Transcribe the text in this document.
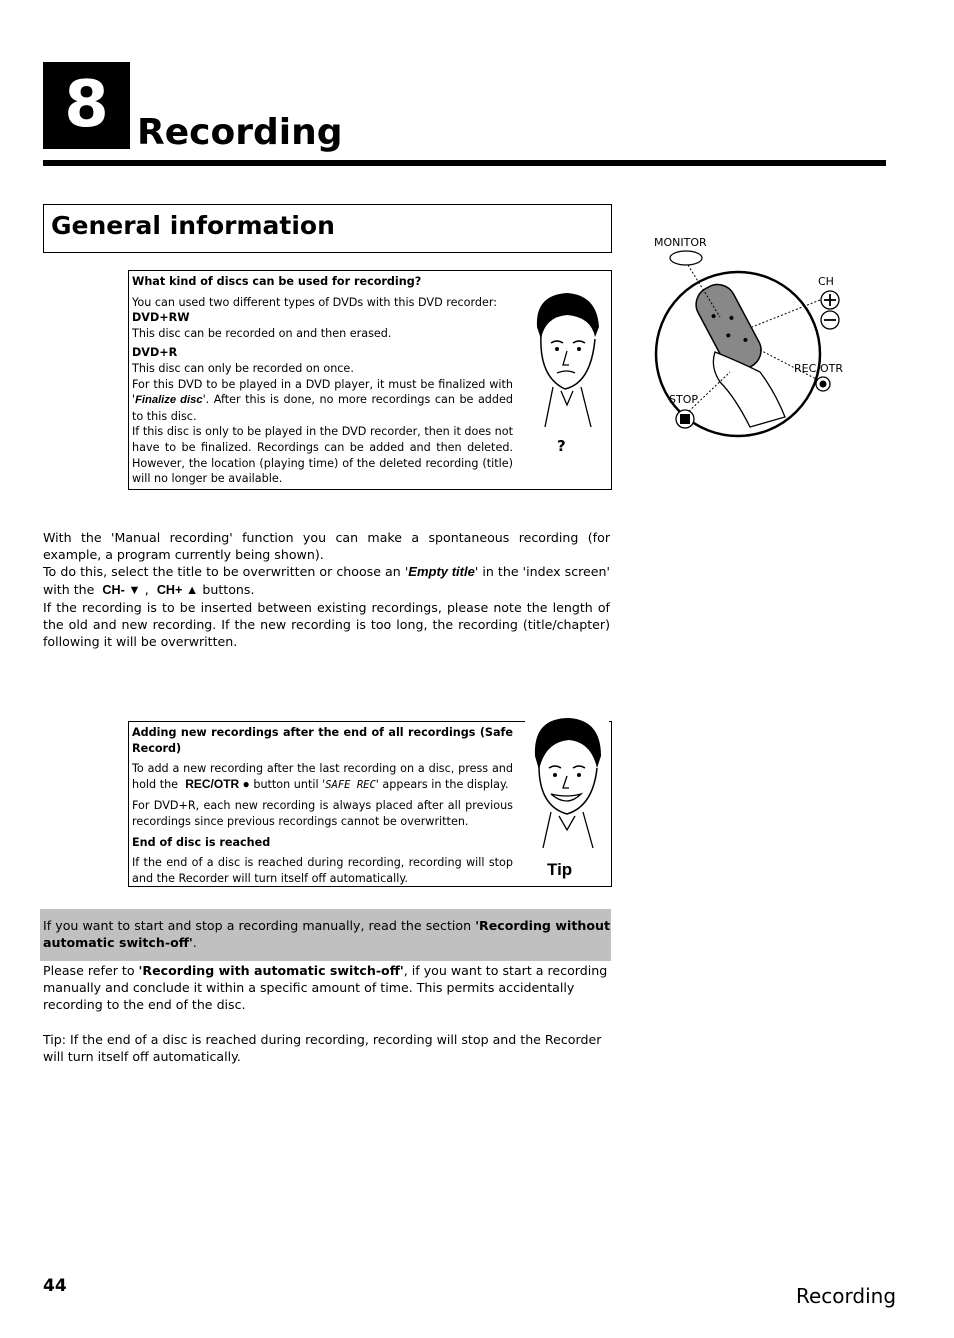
8 Recording
General information
MONITOR
CH
REC/OTR
STOP

What kind of discs can be used for recording?

You can used two different types of DVDs with this DVD recorder:

DVD+RW

This disc can be recorded on and then erased.

DVD+R

This disc can only be recorded on once.

For this DVD to be played in a DVD player, it must be finalized with 'Finalize disc'. After this is done, no more recordings can be added to this disc.

If this disc is only to be played in the DVD recorder, then it does not have to be finalized. Recordings can be added and then deleted. However, the location (playing time) of the deleted recording (title) will no longer be available.

?

With the 'Manual recording' function you can make a spontaneous recording (for example, a program currently being shown).

To do this, select the title to be overwritten or choose an 'Empty title' in the 'index screen' with the CH- ▼ , CH+ ▲ buttons.

If the recording is to be inserted between existing recordings, please note the length of the old and new recording. If the new recording is too long, the recording (title/chapter) following it will be overwritten.

Adding new recordings after the end of all recordings (Safe Record)

To add a new recording after the last recording on a disc, press and hold the REC/OTR ● button until 'SAFE REC' appears in the display.

For DVD+R, each new recording is always placed after all previous recordings since previous recordings cannot be overwritten.

End of disc is reached

If the end of a disc is reached during recording, recording will stop and the Recorder will turn itself off automatically.	Tip

If you want to start and stop a recording manually, read the section 'Recording without automatic switch-off'.

Please refer to 'Recording with automatic switch-off', if you want to start a recording manually and conclude it within a specific amount of time. This permits accidentally recording to the end of the disc.

Tip: If the end of a disc is reached during recording, recording will stop and the Recorder will turn itself off automatically.

44	Recording
